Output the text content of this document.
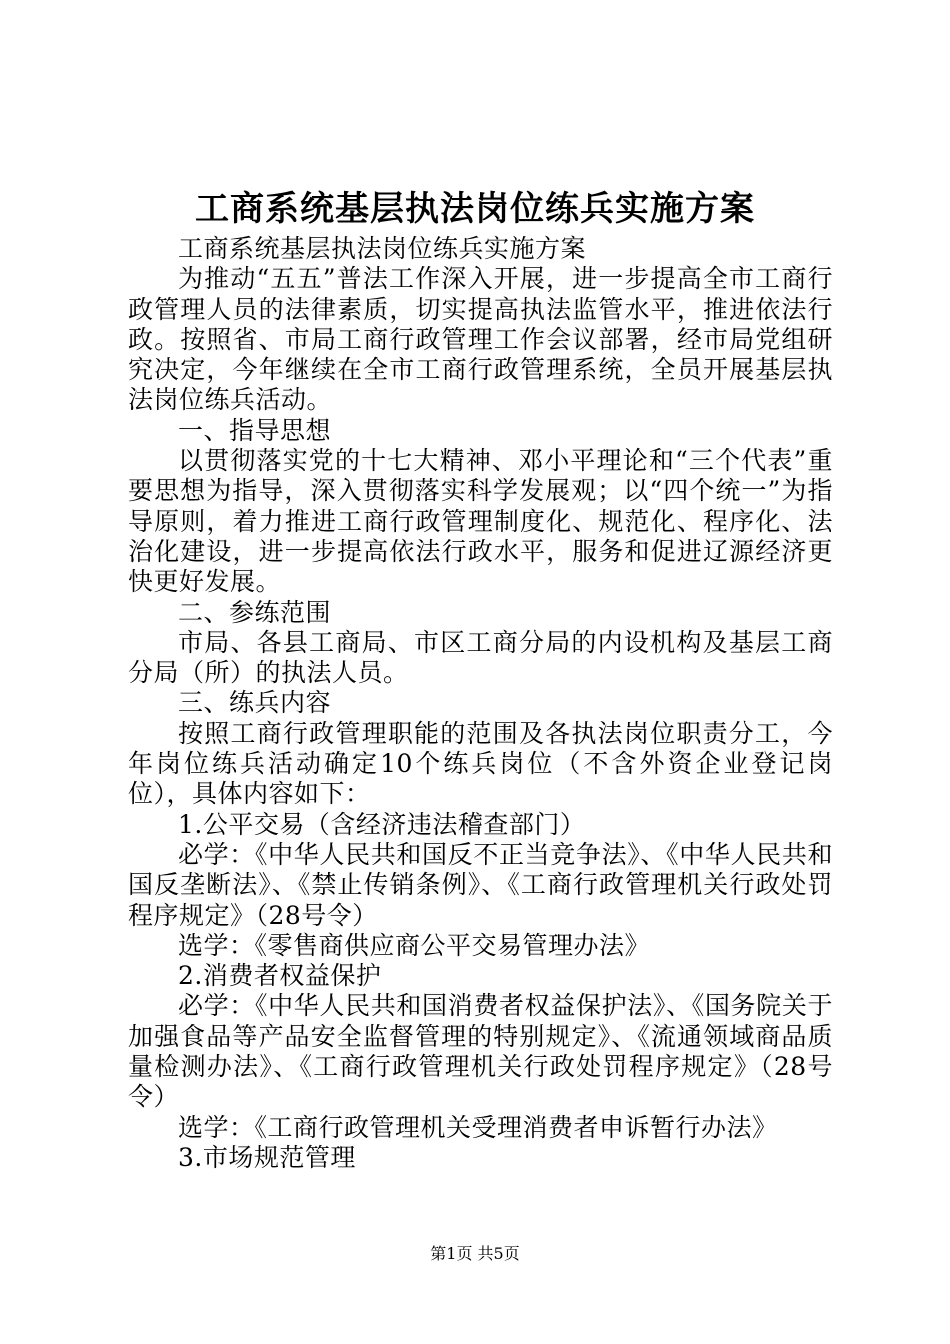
工商系统基层执法岗位练兵实施方案

工商系统基层执法岗位练兵实施方案

为推动“五五”普法工作深入开展，进一步提高全市工商行政管理人员的法律素质，切实提高执法监管水平，推进依法行政。按照省、市局工商行政管理工作会议部署，经市局党组研究决定，今年继续在全市工商行政管理系统，全员开展基层执法岗位练兵活动。

一、指导思想

以贯彻落实党的十七大精神、邓小平理论和“三个代表”重要思想为指导，深入贯彻落实科学发展观；以“四个统一”为指导原则，着力推进工商行政管理制度化、规范化、程序化、法治化建设，进一步提高依法行政水平，服务和促进辽源经济更快更好发展。

二、参练范围

市局、各县工商局、市区工商分局的内设机构及基层工商分局（所）的执法人员。

三、练兵内容

按照工商行政管理职能的范围及各执法岗位职责分工，今年岗位练兵活动确定10个练兵岗位（不含外资企业登记岗位），具体内容如下：

1.公平交易（含经济违法稽查部门）

必学：《中华人民共和国反不正当竞争法》、《中华人民共和国反垄断法》、《禁止传销条例》、《工商行政管理机关行政处罚程序规定》（28号令）

选学：《零售商供应商公平交易管理办法》

2.消费者权益保护

必学：《中华人民共和国消费者权益保护法》、《国务院关于加强食品等产品安全监督管理的特别规定》、《流通领域商品质量检测办法》、《工商行政管理机关行政处罚程序规定》（28号令）

选学：《工商行政管理机关受理消费者申诉暂行办法》

3.市场规范管理

第1页 共5页
